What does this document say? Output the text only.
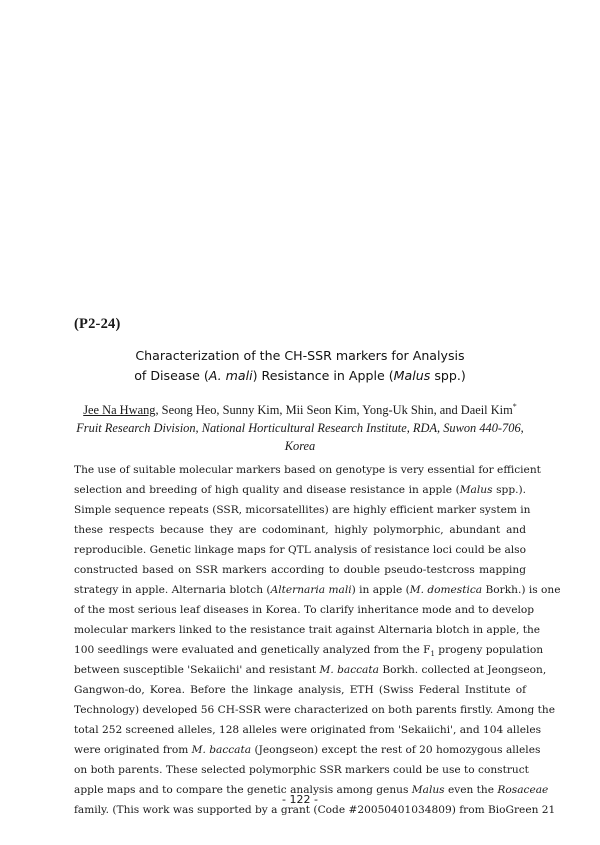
(P2-24)
Characterization of the CH-SSR markers for Analysis
of Disease (A. mali) Resistance in Apple (Malus spp.)
Jee Na Hwang, Seong Heo, Sunny Kim, Mii Seon Kim, Yong-Uk Shin, and Daeil Kim*
Fruit Research Division, National Horticultural Research Institute, RDA, Suwon 440-706,
Korea
The use of suitable molecular markers based on genotype is very essential for efficient
selection and breeding of high quality and disease resistance in apple (Malus spp.).
Simple sequence repeats (SSR, micorsatellites) are highly efficient marker system in
these respects because they are codominant, highly polymorphic, abundant and
reproducible. Genetic linkage maps for QTL analysis of resistance loci could be also
constructed based on SSR markers according to double pseudo-testcross mapping
strategy in apple. Alternaria blotch (Alternaria mali) in apple (M. domestica Borkh.) is one
of the most serious leaf diseases in Korea. To clarify inheritance mode and to develop
molecular markers linked to the resistance trait against Alternaria blotch in apple, the
100 seedlings were evaluated and genetically analyzed from the $F_1$ progeny population
between susceptible 'Sekaiichi' and resistant M. baccata Borkh. collected at Jeongseon,
Gangwon-do, Korea. Before the linkage analysis, ETH (Swiss Federal Institute of
Technology) developed 56 CH-SSR were characterized on both parents firstly. Among the
total 252 screened alleles, 128 alleles were originated from 'Sekaiichi', and 104 alleles
were originated from M. baccata (Jeongseon) except the rest of 20 homozygous alleles
on both parents. These selected polymorphic SSR markers could be use to construct
apple maps and to compare the genetic analysis among genus Malus even the Rosaceae
family. (This work was supported by a grant (Code #20050401034809) from BioGreen 21
- 122 -
